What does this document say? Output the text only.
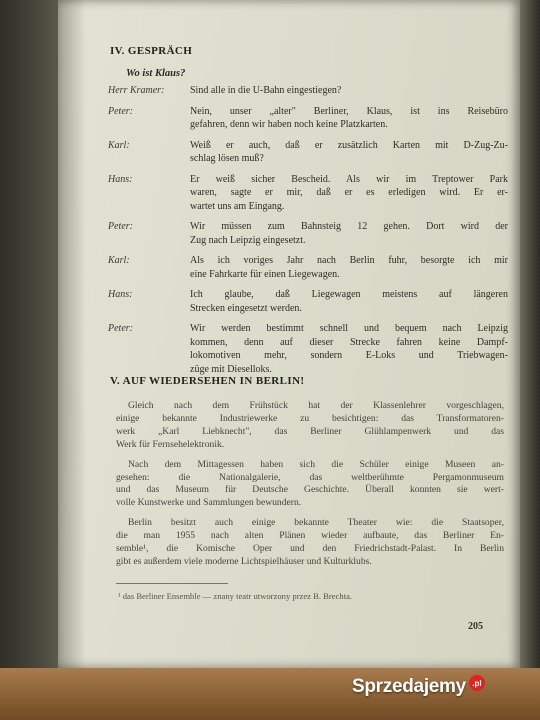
IV. GESPRÄCH
Wo ist Klaus?
Herr Kramer:	Sind alle in die U-Bahn eingestiegen?
Peter:	Nein, unser „alter" Berliner, Klaus, ist ins Reisebüro
gefahren, denn wir haben noch keine Platzkarten.
Karl:	Weiß er auch, daß er zusätzlich Karten mit D-Zug-Zu-
schlag lösen muß?
Hans:	Er weiß sicher Bescheid. Als wir im Treptower Park
waren, sagte er mir, daß er es erledigen wird. Er er-
wartet uns am Eingang.
Peter:	Wir müssen zum Bahnsteig 12 gehen. Dort wird der
Zug nach Leipzig eingesetzt.
Karl:	Als ich voriges Jahr nach Berlin fuhr, besorgte ich mir
eine Fahrkarte für einen Liegewagen.
Hans:	Ich glaube, daß Liegewagen meistens auf längeren
Strecken eingesetzt werden.
Peter:	Wir werden bestimmt schnell und bequem nach Leipzig
kommen, denn auf dieser Strecke fahren keine Dampf-
lokomotiven mehr, sondern E-Loks und Triebwagen-
züge mit Dieselloks.
V. AUF WIEDERSEHEN IN BERLIN!
Gleich nach dem Frühstück hat der Klassenlehrer vorgeschlagen,
einige bekannte Industriewerke zu besichtigen: das Transformatoren-
werk „Karl Liebknecht", das Berliner Glühlampenwerk und das
Werk für Fernsehelektronik.
Nach dem Mittagessen haben sich die Schüler einige Museen an-
gesehen: die Nationalgalerie, das weltberühmte Pergamonmuseum
und das Museum für Deutsche Geschichte. Überall konnten sie wert-
volle Kunstwerke und Sammlungen bewundern.
Berlin besitzt auch einige bekannte Theater wie: die Staatsoper,
die man 1955 nach alten Plänen wieder aufbaute, das Berliner En-
semble¹, die Komische Oper und den Friedrichstadt-Palast. In Berlin
gibt es außerdem viele moderne Lichtspielhäuser und Kulturklubs.
¹ das Berliner Ensemble — znany teatr utworzony przez B. Brechta.
205
Sprzedajemy .pl
